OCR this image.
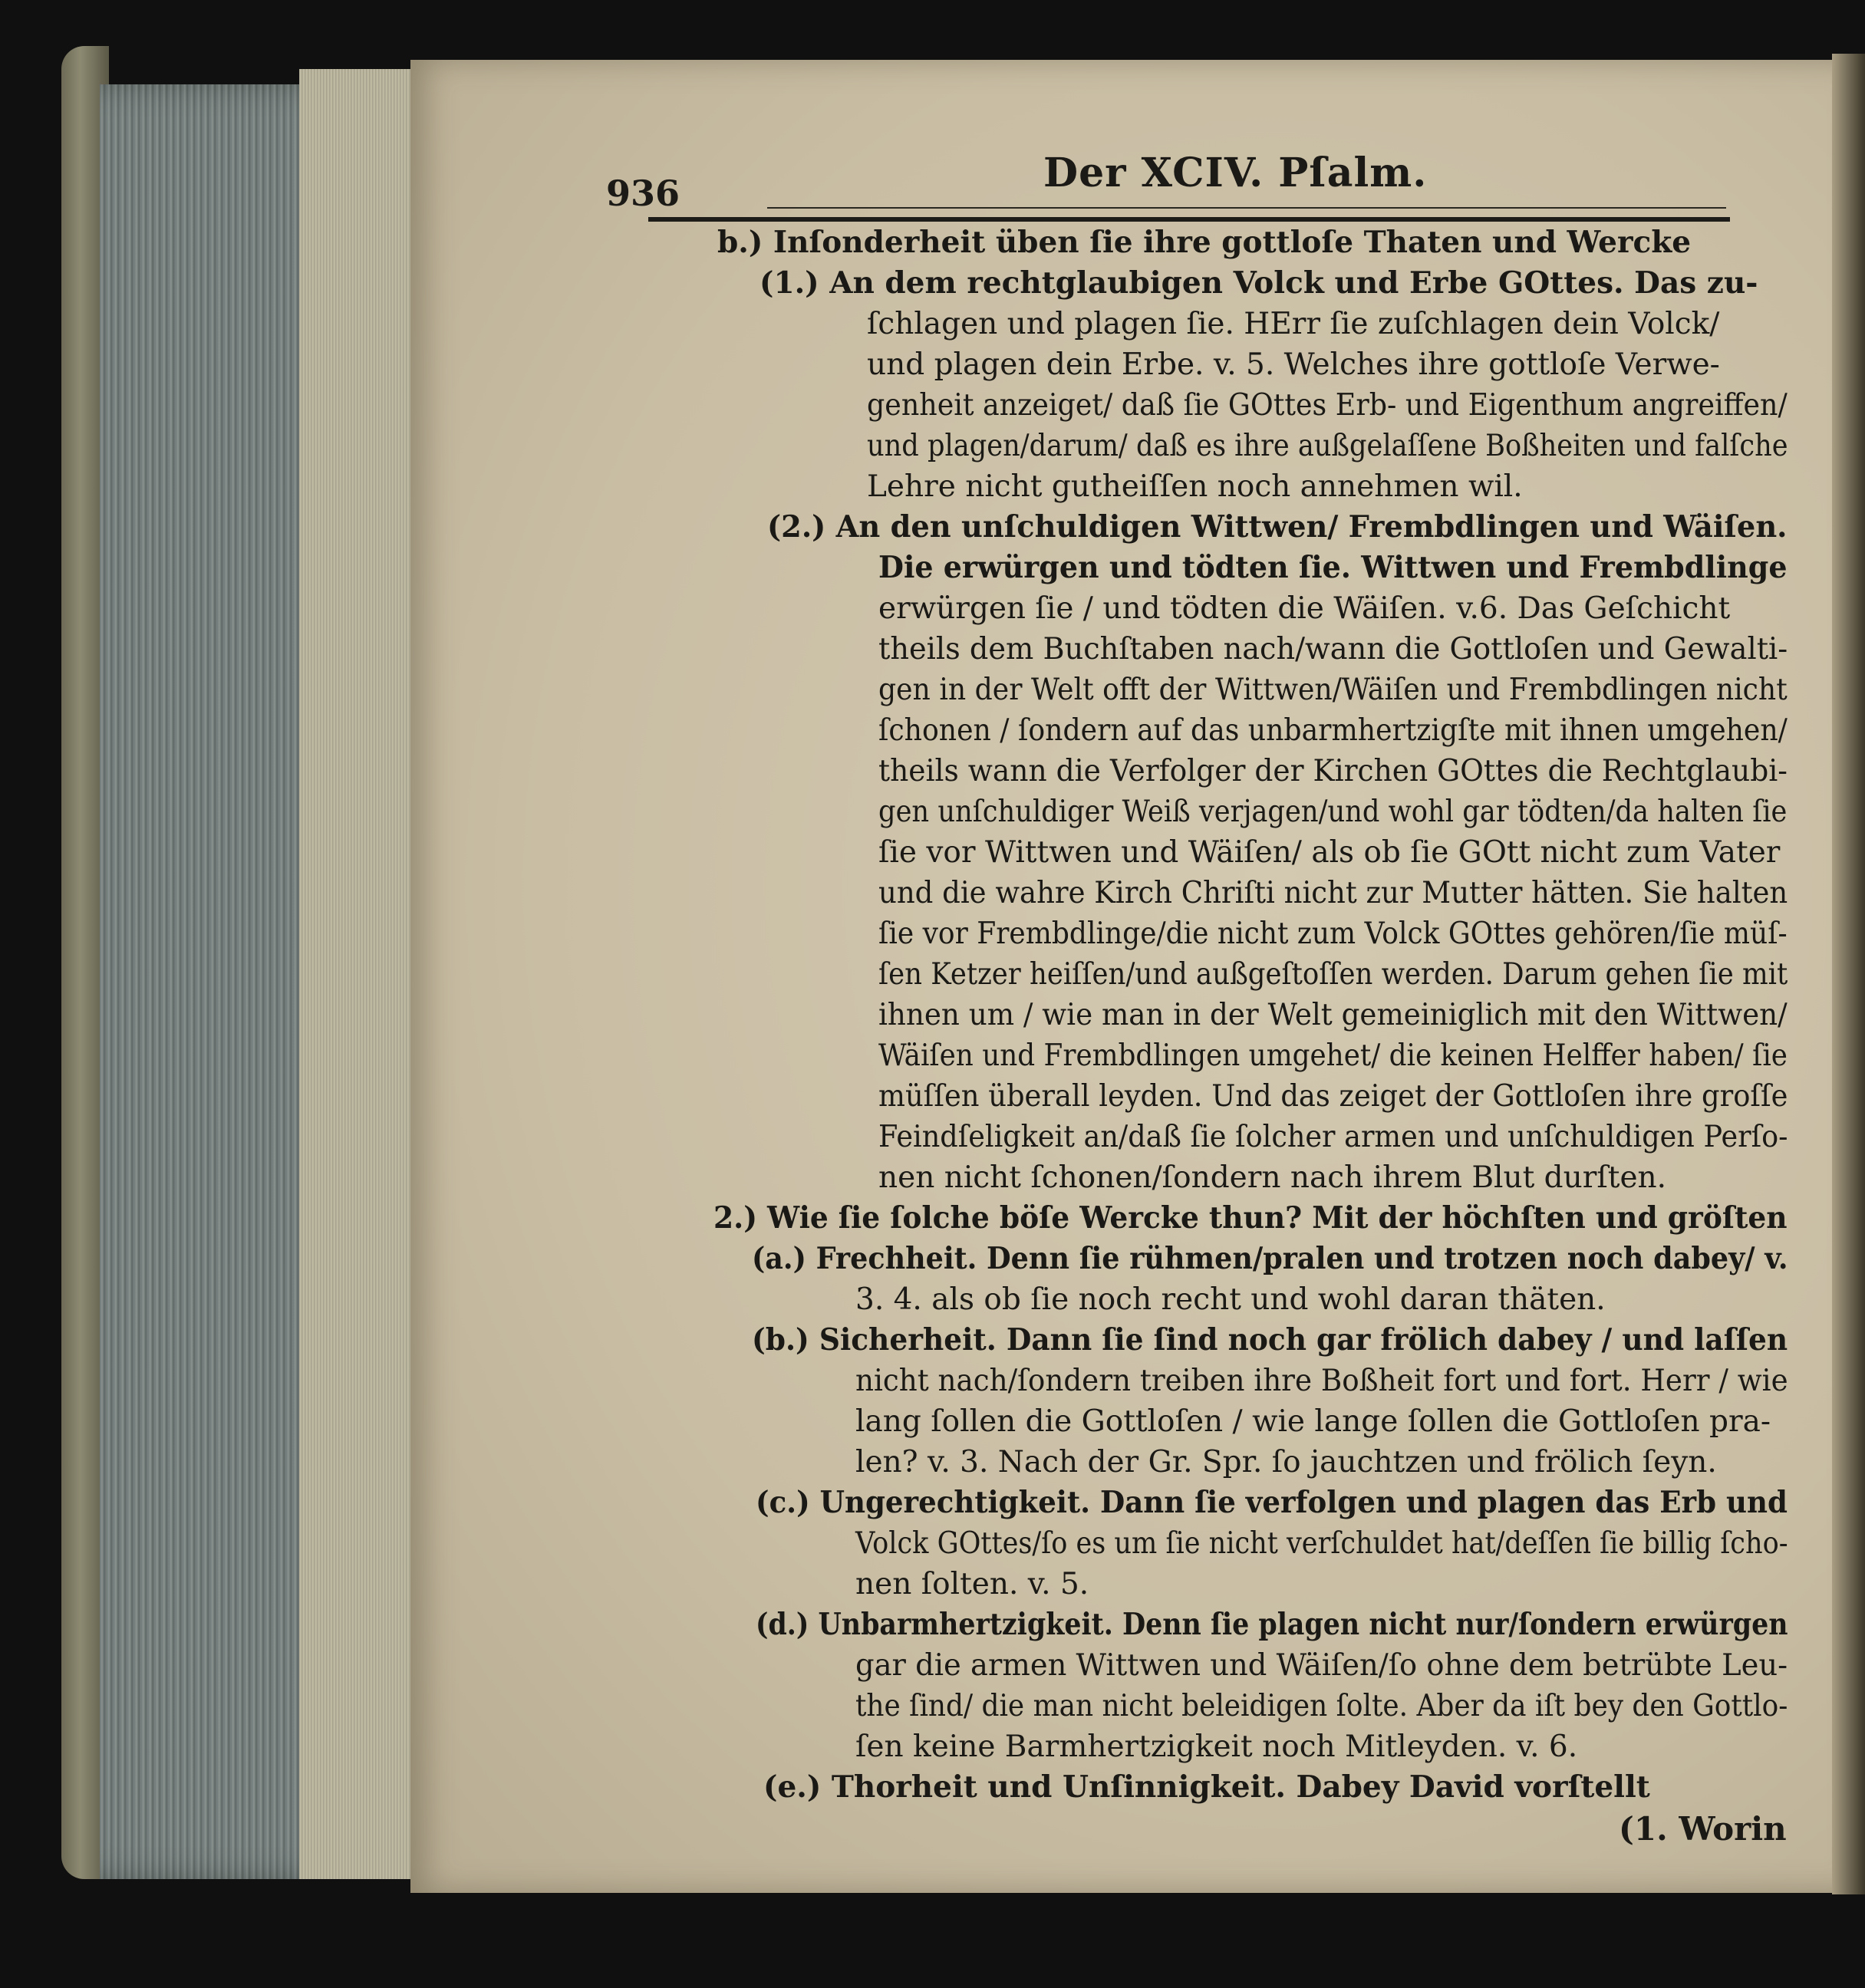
936	Der XCIV. Pſalm.
b.) Inſonderheit üben ſie ihre gottloſe Thaten und Wercke
(1.) An dem rechtglaubigen Volck und Erbe GOttes. Das zu-
ſchlagen und plagen ſie. HErr ſie zuſchlagen dein Volck/
und plagen dein Erbe. v. 5. Welches ihre gottloſe Verwe-
genheit anzeiget/ daß ſie GOttes Erb- und Eigenthum angreiffen/
und plagen/darum/ daß es ihre außgelaſſene Boßheiten und falſche
Lehre nicht gutheiſſen noch annehmen wil.
(2.) An den unſchuldigen Wittwen/ Frembdlingen und Wäiſen.
Die erwürgen und tödten ſie. Wittwen und Frembdlinge
erwürgen ſie / und tödten die Wäiſen. v.6. Das Geſchicht
theils dem Buchſtaben nach/wann die Gottloſen und Gewalti-
gen in der Welt offt der Wittwen/Wäiſen und Frembdlingen nicht
ſchonen / ſondern auf das unbarmhertzigſte mit ihnen umgehen/
theils wann die Verfolger der Kirchen GOttes die Rechtglaubi-
gen unſchuldiger Weiß verjagen/und wohl gar tödten/da halten ſie
ſie vor Wittwen und Wäiſen/ als ob ſie GOtt nicht zum Vater
und die wahre Kirch Chriſti nicht zur Mutter hätten. Sie halten
ſie vor Frembdlinge/die nicht zum Volck GOttes gehören/ſie müſ-
ſen Ketzer heiſſen/und außgeſtoſſen werden. Darum gehen ſie mit
ihnen um / wie man in der Welt gemeiniglich mit den Wittwen/
Wäiſen und Frembdlingen umgehet/ die keinen Helffer haben/ ſie
müſſen überall leyden. Und das zeiget der Gottloſen ihre groſſe
Feindſeligkeit an/daß ſie ſolcher armen und unſchuldigen Perſo-
nen nicht ſchonen/ſondern nach ihrem Blut durſten.
2.) Wie ſie ſolche böſe Wercke thun? Mit der höchſten und gröſten
(a.) Frechheit. Denn ſie rühmen/pralen und trotzen noch dabey/ v.
3. 4. als ob ſie noch recht und wohl daran thäten.
(b.) Sicherheit. Dann ſie ſind noch gar frölich dabey / und laſſen
nicht nach/ſondern treiben ihre Boßheit fort und fort. Herr / wie
lang ſollen die Gottloſen / wie lange ſollen die Gottloſen pra-
len? v. 3. Nach der Gr. Spr. ſo jauchtzen und frölich ſeyn.
(c.) Ungerechtigkeit. Dann ſie verfolgen und plagen das Erb und
Volck GOttes/ſo es um ſie nicht verſchuldet hat/deſſen ſie billig ſcho-
nen ſolten. v. 5.
(d.) Unbarmhertzigkeit. Denn ſie plagen nicht nur/ſondern erwürgen
gar die armen Wittwen und Wäiſen/ſo ohne dem betrübte Leu-
the ſind/ die man nicht beleidigen ſolte. Aber da iſt bey den Gottlo-
ſen keine Barmhertzigkeit noch Mitleyden. v. 6.
(e.) Thorheit und Unſinnigkeit. Dabey David vorſtellt
(1. Worin
